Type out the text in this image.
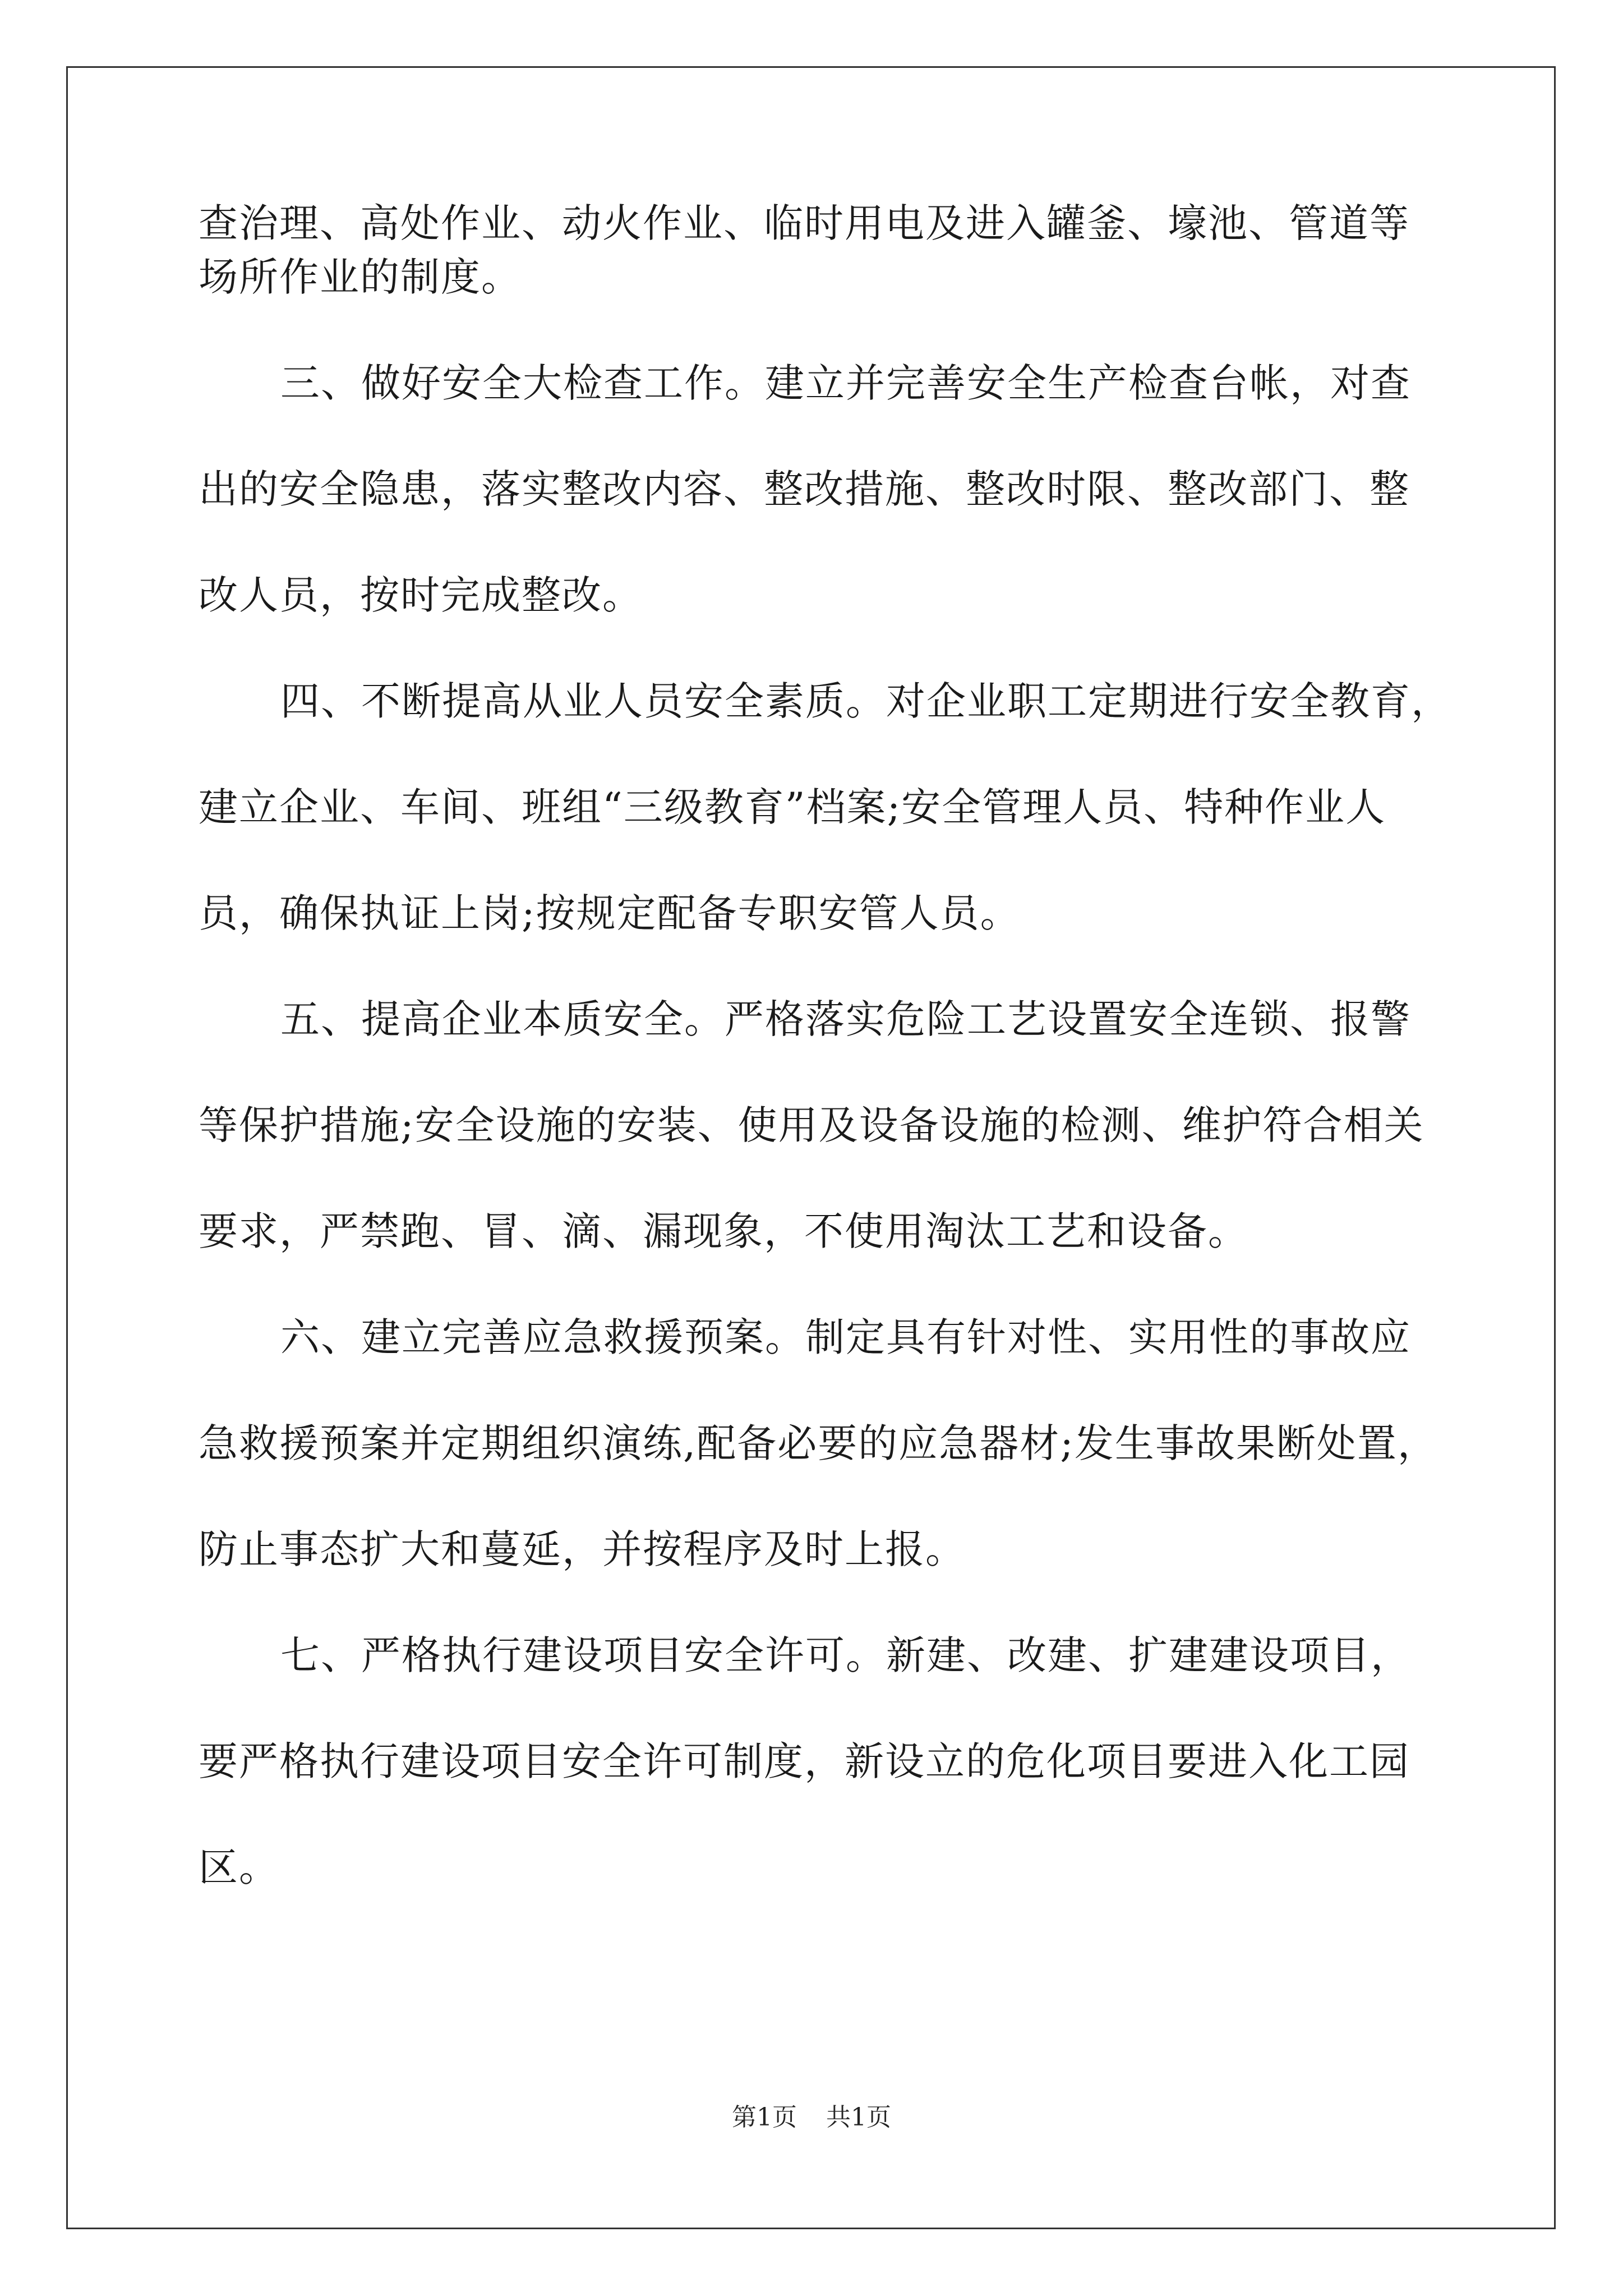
查治理、高处作业、动火作业、临时用电及进入罐釜、壕池、管道等
场所作业的制度。
三、做好安全大检查工作。建立并完善安全生产检查台帐，对查
出的安全隐患，落实整改内容、整改措施、整改时限、整改部门、整
改人员，按时完成整改。
四、不断提高从业人员安全素质。对企业职工定期进行安全教育，
建立企业、车间、班组“三级教育”档案;安全管理人员、特种作业人
员，确保执证上岗;按规定配备专职安管人员。
五、提高企业本质安全。严格落实危险工艺设置安全连锁、报警
等保护措施;安全设施的安装、使用及设备设施的检测、维护符合相关
要求，严禁跑、冒、滴、漏现象，不使用淘汰工艺和设备。
六、建立完善应急救援预案。制定具有针对性、实用性的事故应
急救援预案并定期组织演练,配备必要的应急器材;发生事故果断处置，
防止事态扩大和蔓延，并按程序及时上报。
七、严格执行建设项目安全许可。新建、改建、扩建建设项目，
要严格执行建设项目安全许可制度，新设立的危化项目要进入化工园
区。
第1页 共1页
